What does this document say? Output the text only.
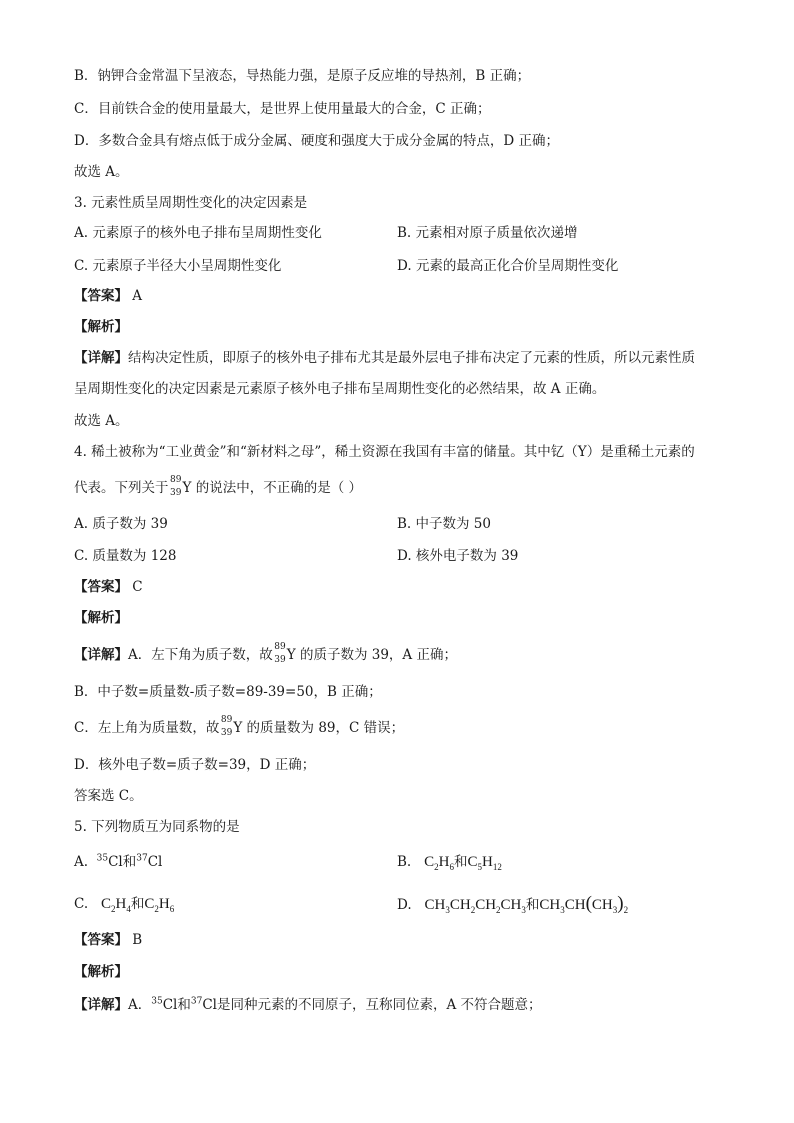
B．钠钾合金常温下呈液态，导热能力强，是原子反应堆的导热剂，B 正确；
C．目前铁合金的使用量最大，是世界上使用量最大的合金，C 正确；
D．多数合金具有熔点低于成分金属、硬度和强度大于成分金属的特点，D 正确；
故选 A。
3. 元素性质呈周期性变化的决定因素是
A. 元素原子的核外电子排布呈周期性变化	B. 元素相对原子质量依次递增
C. 元素原子半径大小呈周期性变化	D. 元素的最高正化合价呈周期性变化
【答案】 A
【解析】
【详解】结构决定性质，即原子的核外电子排布尤其是最外层电子排布决定了元素的性质，所以元素性质
呈周期性变化的决定因素是元素原子核外电子排布呈周期性变化的必然结果，故 A 正确。
故选 A。
4. 稀土被称为“工业黄金”和“新材料之母”，稀土资源在我国有丰富的储量。其中钇（Y）是重稀土元素的
代表。下列关于 89
39 Y 的说法中，不正确的是（ ）
A. 质子数为 39	B. 中子数为 50
C. 质量数为 128	D. 核外电子数为 39
【答案】 C
【解析】
【详解】A．左下角为质子数，故 89
39 Y 的质子数为 39，A 正确；
B．中子数=质量数-质子数=89-39=50，B 正确；
C．左上角为质量数，故 89
39 Y 的质量数为 89，C 错误；
D．核外电子数=质子数=39，D 正确；
答案选 C。
5. 下列物质互为同系物的是
A. $^{35}$Cl和$^{37}$Cl	B. $C_2H_6$和$C_5H_{12}$
C. $C_2H_4$和$C_2H_6$	D. $CH_3CH_2CH_2CH_3$和$CH_3CH(CH_3)_2$
【答案】 B
【解析】
【详解】A．$^{35}$Cl和$^{37}$Cl是同种元素的不同原子，互称同位素，A 不符合题意；
